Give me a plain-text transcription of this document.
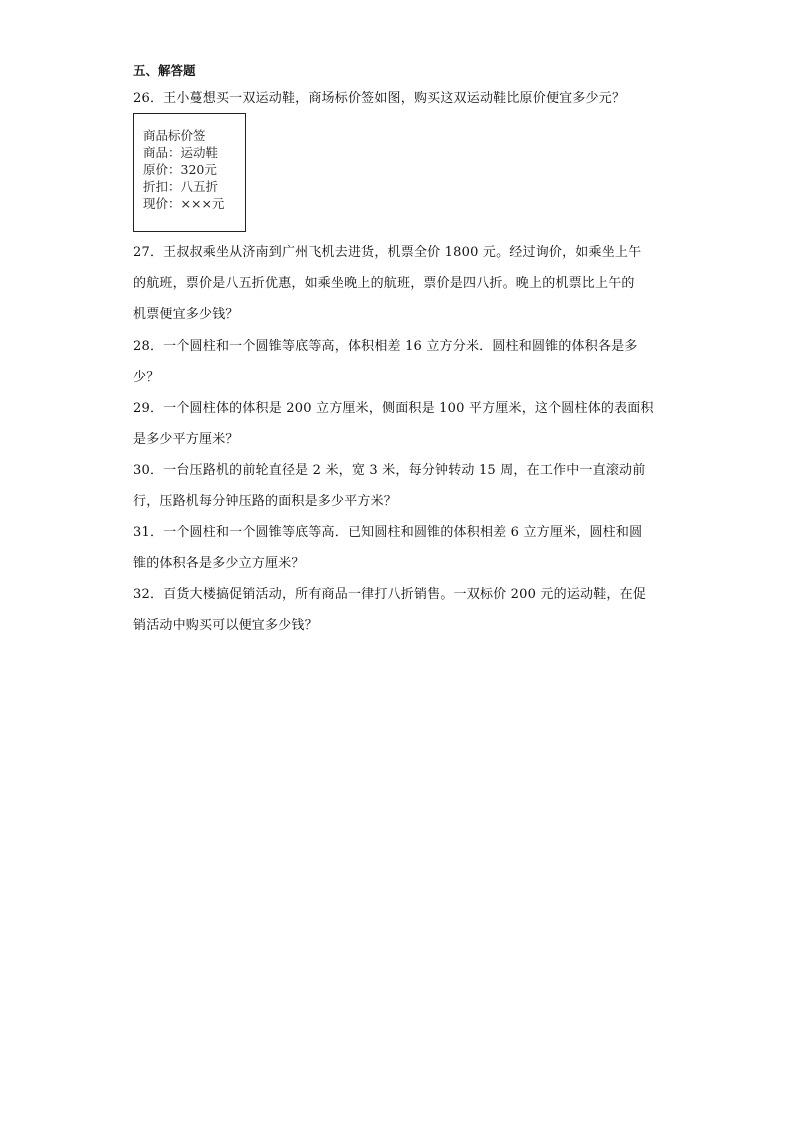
五、解答题
26．王小蔓想买一双运动鞋，商场标价签如图，购买这双运动鞋比原价便宜多少元？
商品标价签
商品：运动鞋
原价：320元
折扣：八五折
现价：×××元
27．王叔叔乘坐从济南到广州飞机去进货，机票全价 1800 元。经过询价，如乘坐上午
的航班，票价是八五折优惠，如乘坐晚上的航班，票价是四八折。晚上的机票比上午的
机票便宜多少钱？
28．一个圆柱和一个圆锥等底等高，体积相差 16 立方分米．圆柱和圆锥的体积各是多
少？
29．一个圆柱体的体积是 200 立方厘米，侧面积是 100 平方厘米，这个圆柱体的表面积
是多少平方厘米？
30．一台压路机的前轮直径是 2 米，宽 3 米，每分钟转动 15 周，在工作中一直滚动前
行，压路机每分钟压路的面积是多少平方米？
31．一个圆柱和一个圆锥等底等高．已知圆柱和圆锥的体积相差 6 立方厘米，圆柱和圆
锥的体积各是多少立方厘米？
32．百货大楼搞促销活动，所有商品一律打八折销售。一双标价 200 元的运动鞋，在促
销活动中购买可以便宜多少钱？
